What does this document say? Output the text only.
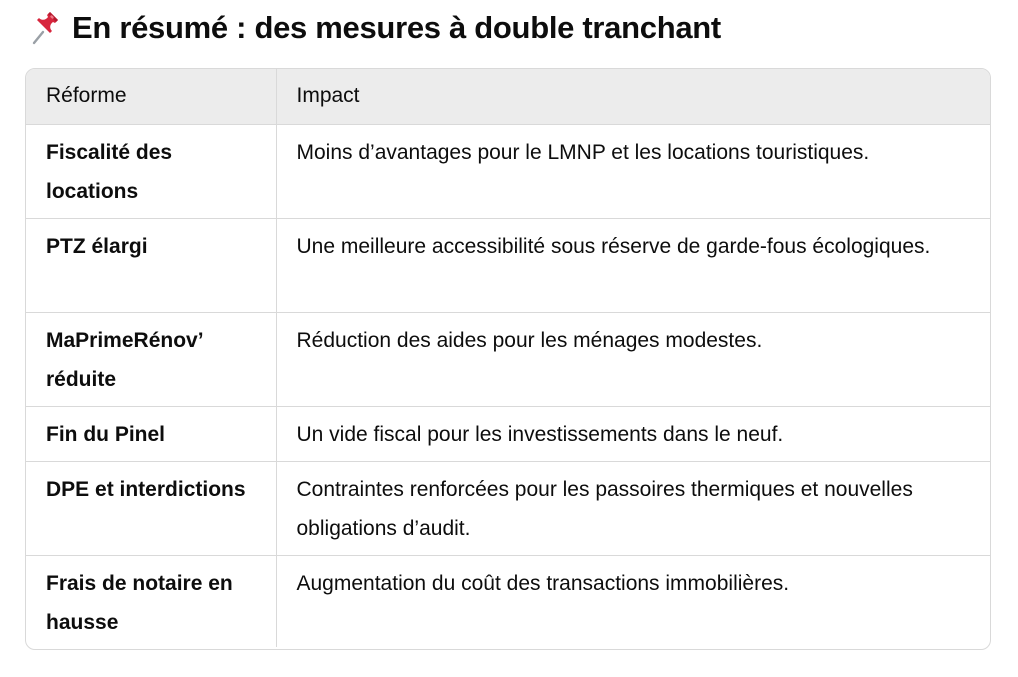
En résumé : des mesures à double tranchant
Réforme	Impact
Fiscalité des locations	Moins d’avantages pour le LMNP et les locations touristiques.
PTZ élargi	Une meilleure accessibilité sous réserve de garde-fous écologiques.
MaPrimeRénov’ réduite	Réduction des aides pour les ménages modestes.
Fin du Pinel	Un vide fiscal pour les investissements dans le neuf.
DPE et interdictions	Contraintes renforcées pour les passoires thermiques et nouvelles obligations d’audit.
Frais de notaire en hausse	Augmentation du coût des transactions immobilières.
